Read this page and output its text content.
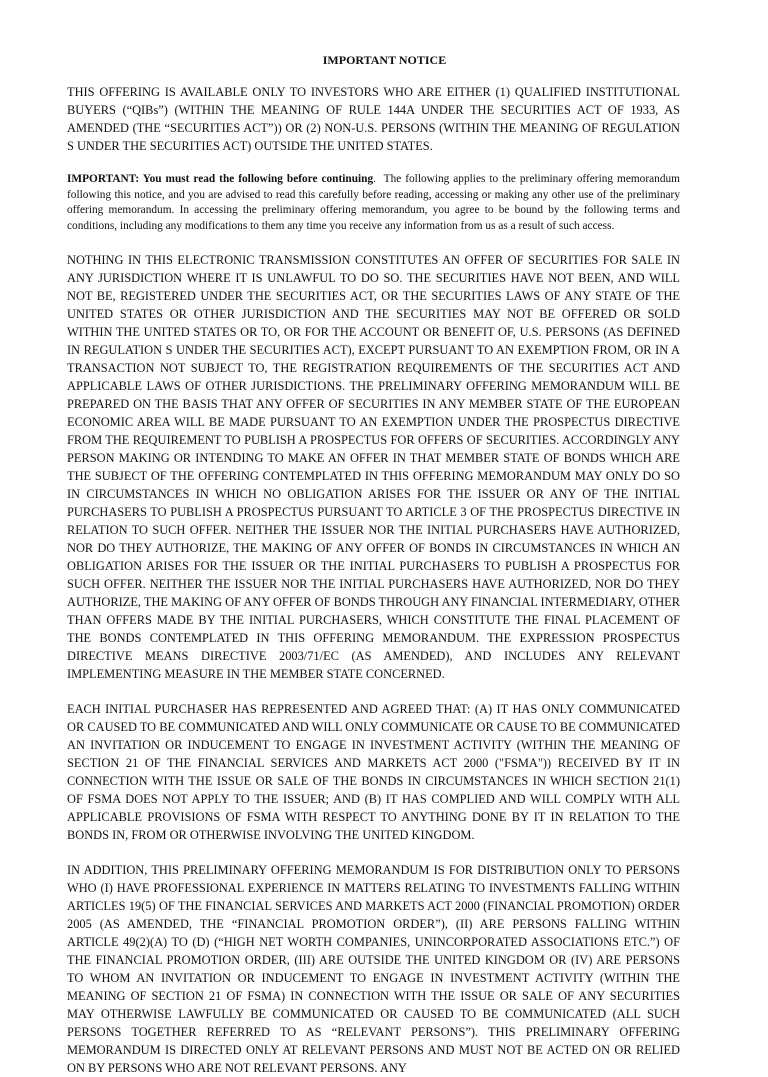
IMPORTANT NOTICE

THIS OFFERING IS AVAILABLE ONLY TO INVESTORS WHO ARE EITHER (1) QUALIFIED INSTITUTIONAL BUYERS (“QIBs”) (WITHIN THE MEANING OF RULE 144A UNDER THE SECURITIES ACT OF 1933, AS AMENDED (THE “SECURITIES ACT”)) OR (2) NON-U.S. PERSONS (WITHIN THE MEANING OF REGULATION S UNDER THE SECURITIES ACT) OUTSIDE THE UNITED STATES.

IMPORTANT: You must read the following before continuing.  The following applies to the preliminary offering memorandum following this notice, and you are advised to read this carefully before reading, accessing or making any other use of the preliminary offering memorandum. In accessing the preliminary offering memorandum, you agree to be bound by the following terms and conditions, including any modifications to them any time you receive any information from us as a result of such access.

NOTHING IN THIS ELECTRONIC TRANSMISSION CONSTITUTES AN OFFER OF SECURITIES FOR SALE IN ANY JURISDICTION WHERE IT IS UNLAWFUL TO DO SO. THE SECURITIES HAVE NOT BEEN, AND WILL NOT BE, REGISTERED UNDER THE SECURITIES ACT, OR THE SECURITIES LAWS OF ANY STATE OF THE UNITED STATES OR OTHER JURISDICTION AND THE SECURITIES MAY NOT BE OFFERED OR SOLD WITHIN THE UNITED STATES OR TO, OR FOR THE ACCOUNT OR BENEFIT OF, U.S. PERSONS (AS DEFINED IN REGULATION S UNDER THE SECURITIES ACT), EXCEPT PURSUANT TO AN EXEMPTION FROM, OR IN A TRANSACTION NOT SUBJECT TO, THE REGISTRATION REQUIREMENTS OF THE SECURITIES ACT AND APPLICABLE LAWS OF OTHER JURISDICTIONS. THE PRELIMINARY OFFERING MEMORANDUM WILL BE PREPARED ON THE BASIS THAT ANY OFFER OF SECURITIES IN ANY MEMBER STATE OF THE EUROPEAN ECONOMIC AREA WILL BE MADE PURSUANT TO AN EXEMPTION UNDER THE PROSPECTUS DIRECTIVE FROM THE REQUIREMENT TO PUBLISH A PROSPECTUS FOR OFFERS OF SECURITIES. ACCORDINGLY ANY PERSON MAKING OR INTENDING TO MAKE AN OFFER IN THAT MEMBER STATE OF BONDS WHICH ARE THE SUBJECT OF THE OFFERING CONTEMPLATED IN THIS OFFERING MEMORANDUM MAY ONLY DO SO IN CIRCUMSTANCES IN WHICH NO OBLIGATION ARISES FOR THE ISSUER OR ANY OF THE INITIAL PURCHASERS TO PUBLISH A PROSPECTUS PURSUANT TO ARTICLE 3 OF THE PROSPECTUS DIRECTIVE IN RELATION TO SUCH OFFER. NEITHER THE ISSUER NOR THE INITIAL PURCHASERS HAVE AUTHORIZED, NOR DO THEY AUTHORIZE, THE MAKING OF ANY OFFER OF BONDS IN CIRCUMSTANCES IN WHICH AN OBLIGATION ARISES FOR THE ISSUER OR THE INITIAL PURCHASERS TO PUBLISH A PROSPECTUS FOR SUCH OFFER. NEITHER THE ISSUER NOR THE INITIAL PURCHASERS HAVE AUTHORIZED, NOR DO THEY AUTHORIZE, THE MAKING OF ANY OFFER OF BONDS THROUGH ANY FINANCIAL INTERMEDIARY, OTHER THAN OFFERS MADE BY THE INITIAL PURCHASERS, WHICH CONSTITUTE THE FINAL PLACEMENT OF THE BONDS CONTEMPLATED IN THIS OFFERING MEMORANDUM. THE EXPRESSION PROSPECTUS DIRECTIVE MEANS DIRECTIVE 2003/71/EC (AS AMENDED), AND INCLUDES ANY RELEVANT IMPLEMENTING MEASURE IN THE MEMBER STATE CONCERNED.

EACH INITIAL PURCHASER HAS REPRESENTED AND AGREED THAT: (A) IT HAS ONLY COMMUNICATED OR CAUSED TO BE COMMUNICATED AND WILL ONLY COMMUNICATE OR CAUSE TO BE COMMUNICATED AN INVITATION OR INDUCEMENT TO ENGAGE IN INVESTMENT ACTIVITY (WITHIN THE MEANING OF SECTION 21 OF THE FINANCIAL SERVICES AND MARKETS ACT 2000 ("FSMA")) RECEIVED BY IT IN CONNECTION WITH THE ISSUE OR SALE OF THE BONDS IN CIRCUMSTANCES IN WHICH SECTION 21(1) OF FSMA DOES NOT APPLY TO THE ISSUER; AND (B) IT HAS COMPLIED AND WILL COMPLY WITH ALL APPLICABLE PROVISIONS OF FSMA WITH RESPECT TO ANYTHING DONE BY IT IN RELATION TO THE BONDS IN, FROM OR OTHERWISE INVOLVING THE UNITED KINGDOM.

IN ADDITION, THIS PRELIMINARY OFFERING MEMORANDUM IS FOR DISTRIBUTION ONLY TO PERSONS WHO (I) HAVE PROFESSIONAL EXPERIENCE IN MATTERS RELATING TO INVESTMENTS FALLING WITHIN ARTICLES 19(5) OF THE FINANCIAL SERVICES AND MARKETS ACT 2000 (FINANCIAL PROMOTION) ORDER 2005 (AS AMENDED, THE “FINANCIAL PROMOTION ORDER”), (II) ARE PERSONS FALLING WITHIN ARTICLE 49(2)(A) TO (D) (“HIGH NET WORTH COMPANIES, UNINCORPORATED ASSOCIATIONS ETC.”) OF THE FINANCIAL PROMOTION ORDER, (III) ARE OUTSIDE THE UNITED KINGDOM OR (IV) ARE PERSONS TO WHOM AN INVITATION OR INDUCEMENT TO ENGAGE IN INVESTMENT ACTIVITY (WITHIN THE MEANING OF SECTION 21 OF FSMA) IN CONNECTION WITH THE ISSUE OR SALE OF ANY SECURITIES MAY OTHERWISE LAWFULLY BE COMMUNICATED OR CAUSED TO BE COMMUNICATED (ALL SUCH PERSONS TOGETHER REFERRED TO AS “RELEVANT PERSONS”). THIS PRELIMINARY OFFERING MEMORANDUM IS DIRECTED ONLY AT RELEVANT PERSONS AND MUST NOT BE ACTED ON OR RELIED ON BY PERSONS WHO ARE NOT RELEVANT PERSONS. ANY
